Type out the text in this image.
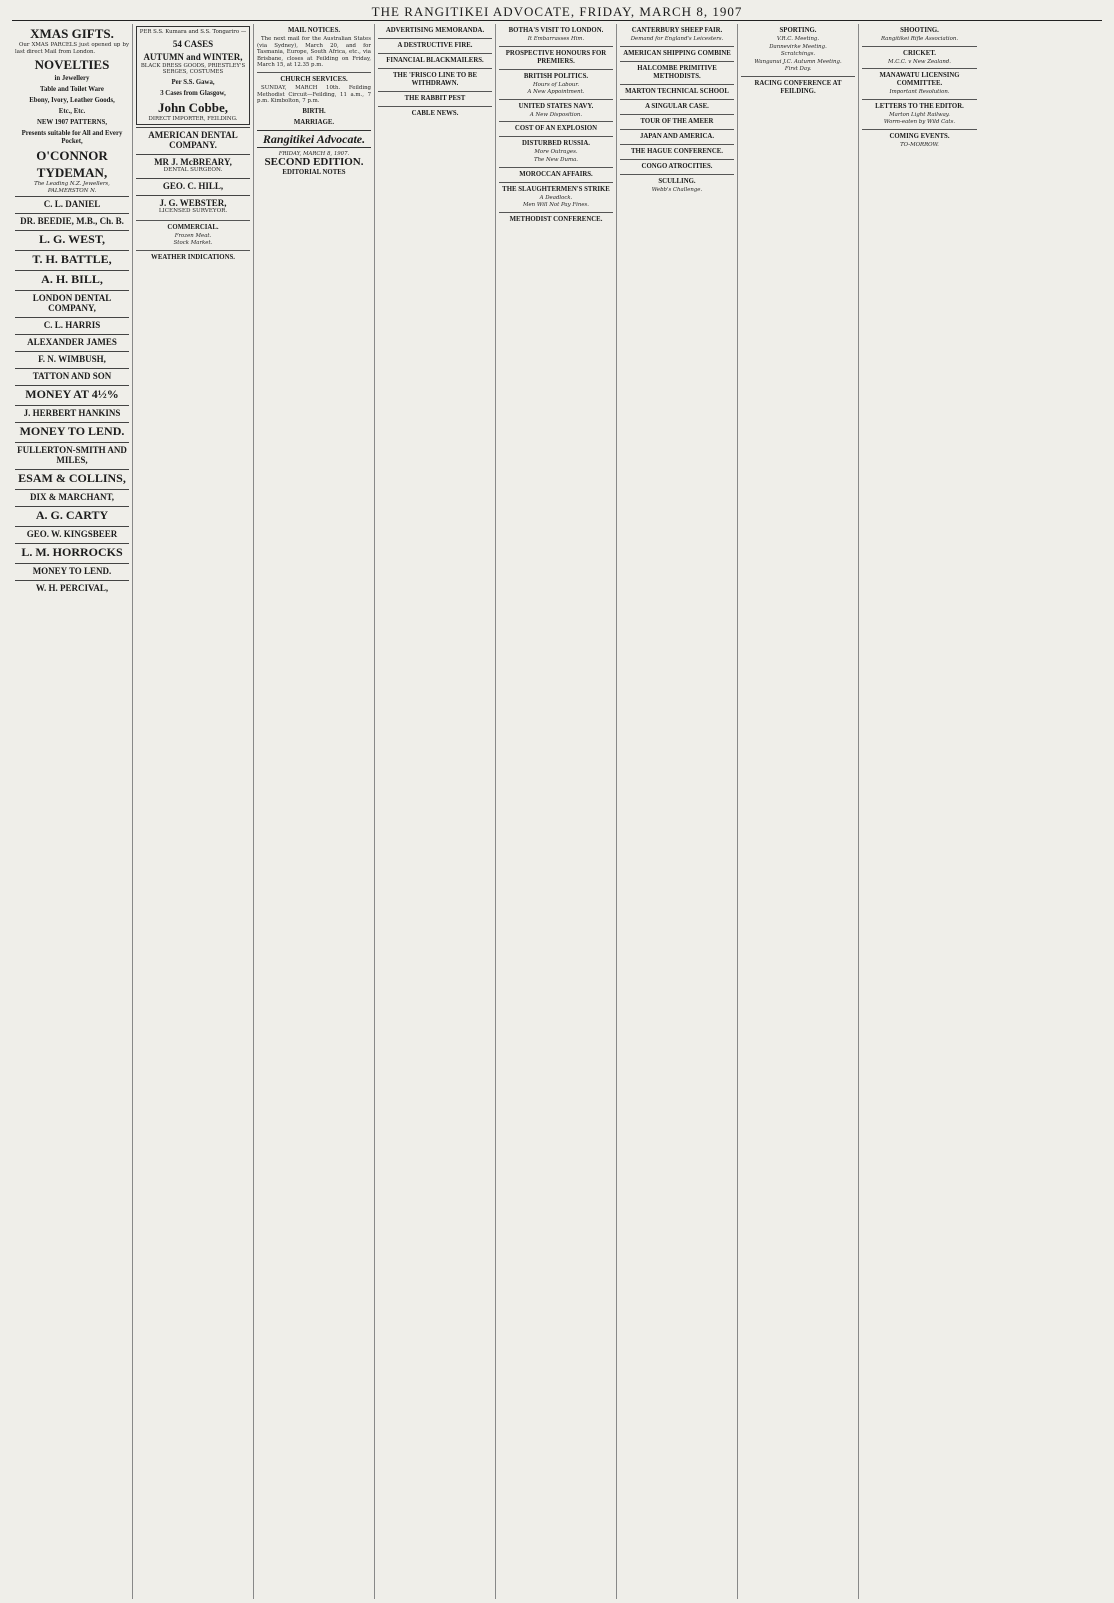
THE RANGITIKEI ADVOCATE, FRIDAY, MARCH 8, 1907
XMAS GIFTS.
Our XMAS PARCELS just opened up by last direct Mail from London.
NOVELTIES
in Jewellery
Table and Toilet Ware
Ebony, Ivory, Leather Goods,
Etc., Etc.
NEW 1907 PATTERNS,
Presents suitable for All and Every Pocket,
O'CONNOR
TYDEMAN,
The Leading N.Z. Jewellers, PALMERSTON N.
C. L. DANIEL
DR. BEEDIE, M.B., Ch. B.
L. G. WEST,
T. H. BATTLE,
A. H. BILL,
LONDON DENTAL COMPANY,
C. L. HARRIS
ALEXANDER JAMES
F. N. WIMBUSH,
TATTON AND SON
MONEY AT 4½%
J. HERBERT HANKINS
MONEY TO LEND.
FULLERTON-SMITH AND MILES,
ESAM & COLLINS,
DIX & MARCHANT,
A. G. CARTY
GEO. W. KINGSBEER
L. M. HORROCKS
MONEY TO LEND.
W. H. PERCIVAL,
PER S.S. Kumara and S.S. Tongariro —
54 CASES
AUTUMN and WINTER,
BLACK DRESS GOODS, PRIESTLEY'S SERGES, COSTUMES
Per S.S. Gawa,
3 Cases from Glasgow,
John Cobbe,
DIRECT IMPORTER, FEILDING.
AMERICAN DENTAL COMPANY.
MR J. McBREARY,
DENTAL SURGEON.
GEO. C. HILL,
J. G. WEBSTER,
LICENSED SURVEYOR.
COMMERCIAL.
Frozen Meat.
Stock Market.
WEATHER INDICATIONS.
MAIL NOTICES.
The next mail for the Australian States (via Sydney), March 20, and for Tasmania, Europe, South Africa, etc., via Brisbane, closes at Feilding on Friday, March 15, at 12.35 p.m.
CHURCH SERVICES.
SUNDAY, MARCH 10th. Feilding Methodist Circuit—Feilding, 11 a.m., 7 p.m. Kimbolton, 7 p.m.
BIRTH.
MARRIAGE.
Rangitikei Advocate.
FRIDAY, MARCH 8, 1907.
SECOND EDITION.
EDITORIAL NOTES
ADVERTISING MEMORANDA.
A DESTRUCTIVE FIRE.
FINANCIAL BLACKMAILERS.
THE 'FRISCO LINE TO BE WITHDRAWN.
THE RABBIT PEST
CABLE NEWS.
BOTHA'S VISIT TO LONDON.
It Embarrasses Him.
PROSPECTIVE HONOURS FOR PREMIERS.
BRITISH POLITICS.
Hours of Labour.
A New Appointment.
UNITED STATES NAVY.
A New Disposition.
COST OF AN EXPLOSION
DISTURBED RUSSIA.
More Outrages.
The New Duma.
MOROCCAN AFFAIRS.
THE SLAUGHTERMEN'S STRIKE
A Deadlock.
Men Will Not Pay Fines.
METHODIST CONFERENCE.
CANTERBURY SHEEP FAIR.
Demand for England's Leicesters.
AMERICAN SHIPPING COMBINE
HALCOMBE PRIMITIVE METHODISTS.
MARTON TECHNICAL SCHOOL
A SINGULAR CASE.
TOUR OF THE AMEER
JAPAN AND AMERICA.
THE HAGUE CONFERENCE.
CONGO ATROCITIES.
SCULLING.
Webb's Challenge.
SPORTING.
V.R.C. Meeting.
Dannevirke Meeting.
Scratchings.
Wanganui J.C. Autumn Meeting.
First Day.
RACING CONFERENCE AT FEILDING.
SHOOTING.
Rangitikei Rifle Association.
CRICKET.
M.C.C. v New Zealand.
MANAWATU LICENSING COMMITTEE.
Important Resolution.
LETTERS TO THE EDITOR.
Marton Light Railway.
Worm-eaten by Wild Cats.
COMING EVENTS.
TO-MORROW.
